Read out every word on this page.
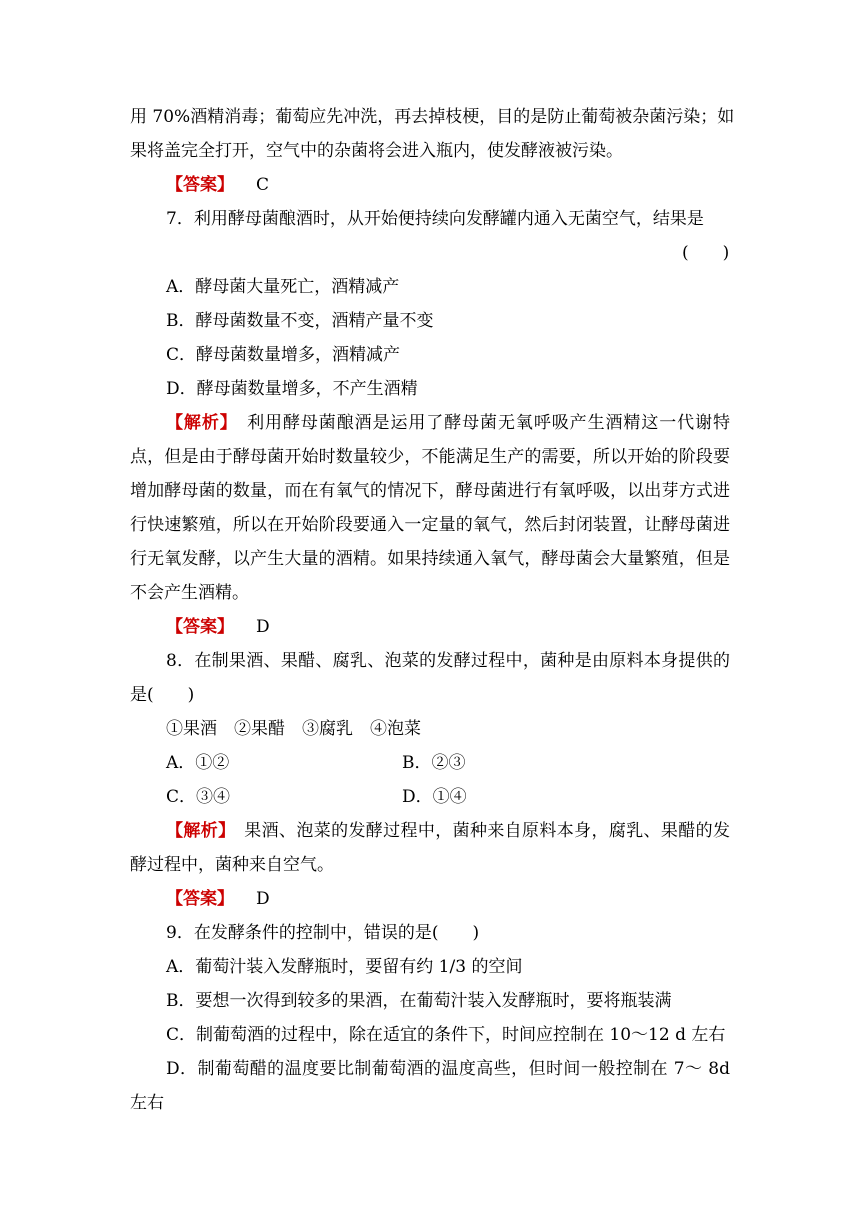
用 70%酒精消毒；葡萄应先冲洗，再去掉枝梗，目的是防止葡萄被杂菌污染；如
果将盖完全打开，空气中的杂菌将会进入瓶内，使发酵液被污染。
【答案】 C
7．利用酵母菌酿酒时，从开始便持续向发酵罐内通入无菌空气，结果是
(　　)
A．酵母菌大量死亡，酒精减产
B．酵母菌数量不变，酒精产量不变
C．酵母菌数量增多，酒精减产
D．酵母菌数量增多，不产生酒精
【解析】　 利用酵母菌酿酒是运用了酵母菌无氧呼吸产生酒精这一代谢特
点，但是由于酵母菌开始时数量较少，不能满足生产的需要，所以开始的阶段要
增加酵母菌的数量，而在有氧气的情况下，酵母菌进行有氧呼吸，以出芽方式进
行快速繁殖，所以在开始阶段要通入一定量的氧气，然后封闭装置，让酵母菌进
行无氧发酵，以产生大量的酒精。如果持续通入氧气，酵母菌会大量繁殖，但是
不会产生酒精。
【答案】 D
8．在制果酒、果醋、腐乳、泡菜的发酵过程中，菌种是由原料本身提供的
是(　　)
①果酒　②果醋　③腐乳　④泡菜
A．①②	B．②③
C．③④	D．①④
【解析】　 果酒、泡菜的发酵过程中，菌种来自原料本身，腐乳、果醋的发
酵过程中，菌种来自空气。
【答案】 D
9．在发酵条件的控制中，错误的是(　　)
A．葡萄汁装入发酵瓶时，要留有约 1/3 的空间
B．要想一次得到较多的果酒，在葡萄汁装入发酵瓶时，要将瓶装满
C．制葡萄酒的过程中，除在适宜的条件下，时间应控制在 10～12 d 左右
D．制葡萄醋的温度要比制葡萄酒的温度高些，但时间一般控制在 7～ 8d
左右
